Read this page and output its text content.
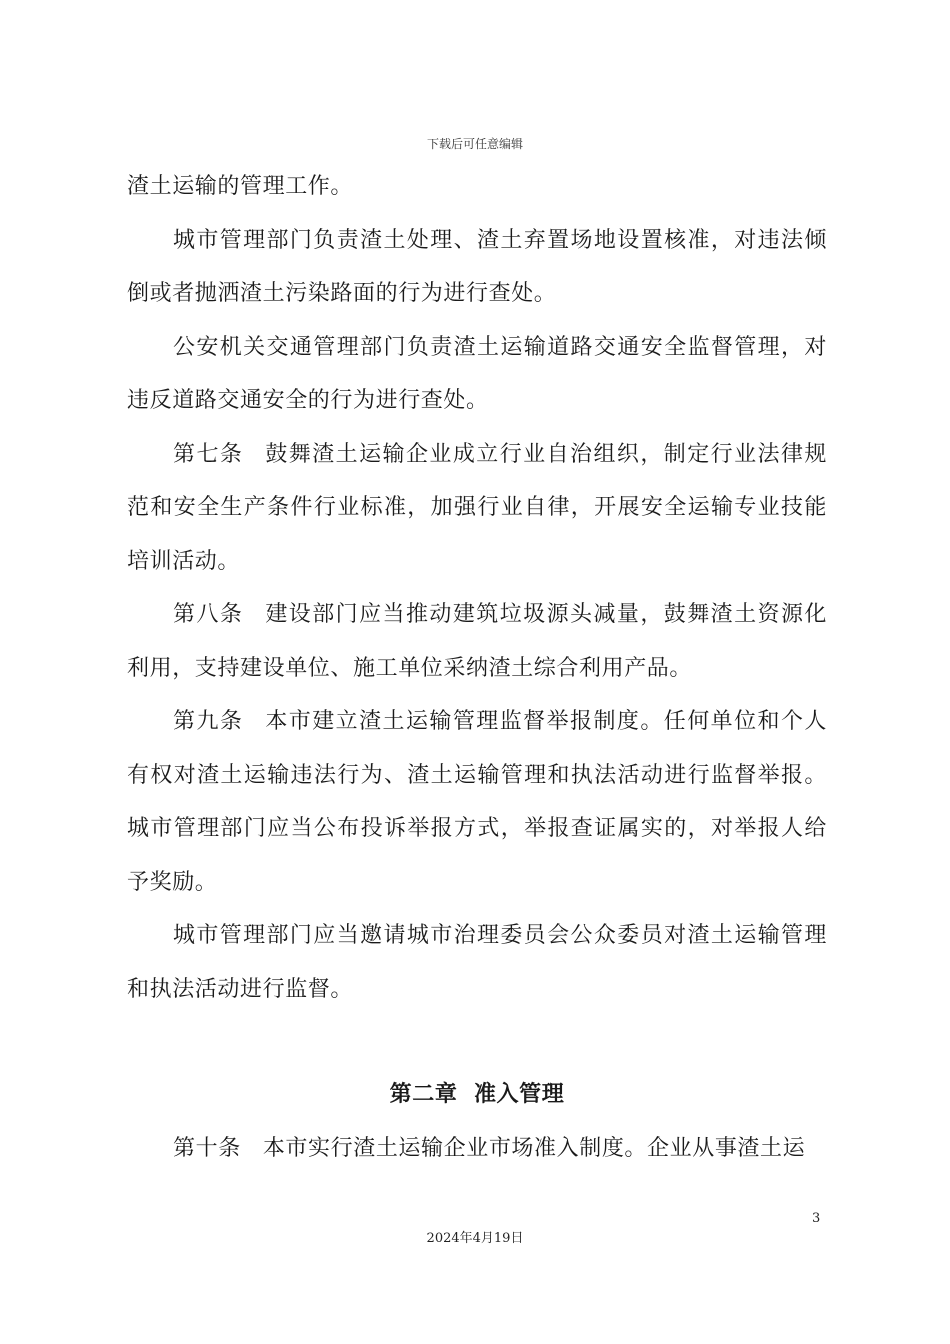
下载后可任意编辑

渣土运输的管理工作。

城市管理部门负责渣土处理、渣土弃置场地设置核准，对违法倾倒或者抛洒渣土污染路面的行为进行查处。

公安机关交通管理部门负责渣土运输道路交通安全监督管理，对违反道路交通安全的行为进行查处。

第七条 鼓舞渣土运输企业成立行业自治组织，制定行业法律规范和安全生产条件行业标准，加强行业自律，开展安全运输专业技能培训活动。

第八条 建设部门应当推动建筑垃圾源头减量，鼓舞渣土资源化利用，支持建设单位、施工单位采纳渣土综合利用产品。

第九条 本市建立渣土运输管理监督举报制度。任何单位和个人有权对渣土运输违法行为、渣土运输管理和执法活动进行监督举报。城市管理部门应当公布投诉举报方式，举报查证属实的，对举报人给予奖励。

城市管理部门应当邀请城市治理委员会公众委员对渣土运输管理和执法活动进行监督。

第二章  准入管理

第十条 本市实行渣土运输企业市场准入制度。企业从事渣土运

3
2024年4月19日
